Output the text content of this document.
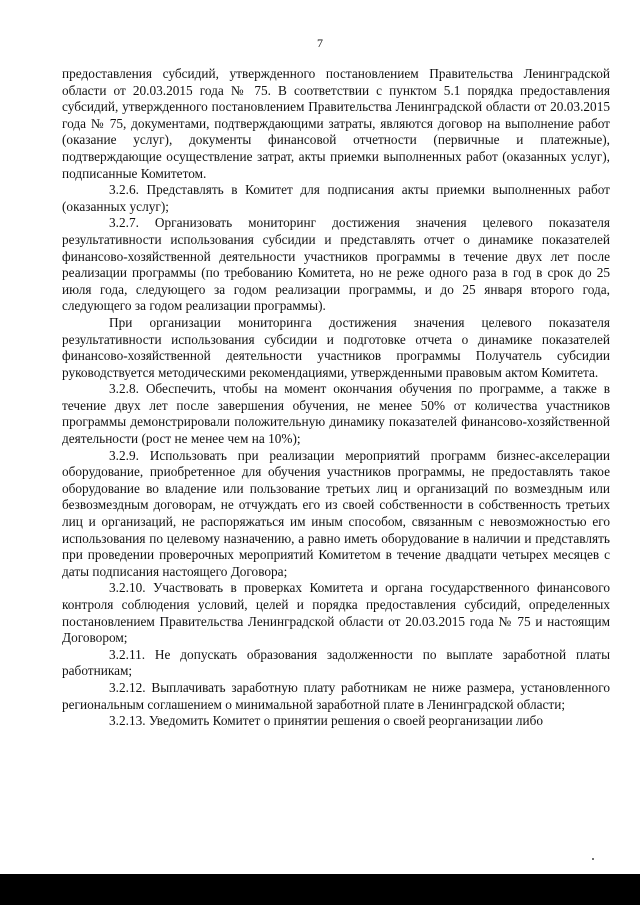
7

предоставления субсидий, утвержденного постановлением Правительства Ленинградской области от 20.03.2015 года № 75. В соответствии с пунктом 5.1 порядка предоставления субсидий, утвержденного постановлением Правительства Ленинградской области от 20.03.2015 года № 75, документами, подтверждающими затраты, являются договор на выполнение работ (оказание услуг), документы финансовой отчетности (первичные и платежные), подтверждающие осуществление затрат, акты приемки выполненных работ (оказанных услуг), подписанные Комитетом.

3.2.6. Представлять в Комитет для подписания акты приемки выполненных работ (оказанных услуг);

3.2.7. Организовать мониторинг достижения значения целевого показателя результативности использования субсидии и представлять отчет о динамике показателей финансово-хозяйственной деятельности участников программы в течение двух лет после реализации программы (по требованию Комитета, но не реже одного раза в год в срок до 25 июля года, следующего за годом реализации программы, и до 25 января второго года, следующего за годом реализации программы).

При организации мониторинга достижения значения целевого показателя результативности использования субсидии и подготовке отчета о динамике показателей финансово-хозяйственной деятельности участников программы Получатель субсидии руководствуется методическими рекомендациями, утвержденными правовым актом Комитета.

3.2.8. Обеспечить, чтобы на момент окончания обучения по программе, а также в течение двух лет после завершения обучения, не менее 50% от количества участников программы демонстрировали положительную динамику показателей финансово-хозяйственной деятельности (рост не менее чем на 10%);

3.2.9. Использовать при реализации мероприятий программ бизнес-акселерации оборудование, приобретенное для обучения участников программы, не предоставлять такое оборудование во владение или пользование третьих лиц и организаций по возмездным или безвозмездным договорам, не отчуждать его из своей собственности в собственность третьих лиц и организаций, не распоряжаться им иным способом, связанным с невозможностью его использования по целевому назначению, а равно иметь оборудование в наличии и представлять при проведении проверочных мероприятий Комитетом в течение двадцати четырех месяцев с даты подписания настоящего Договора;

3.2.10. Участвовать в проверках Комитета и органа государственного финансового контроля соблюдения условий, целей и порядка предоставления субсидий, определенных постановлением Правительства Ленинградской области от 20.03.2015 года № 75 и настоящим Договором;

3.2.11. Не допускать образования задолженности по выплате заработной платы работникам;

3.2.12. Выплачивать заработную плату работникам не ниже размера, установленного региональным соглашением о минимальной заработной плате в Ленинградской области;

3.2.13. Уведомить Комитет о принятии решения о своей реорганизации либо
